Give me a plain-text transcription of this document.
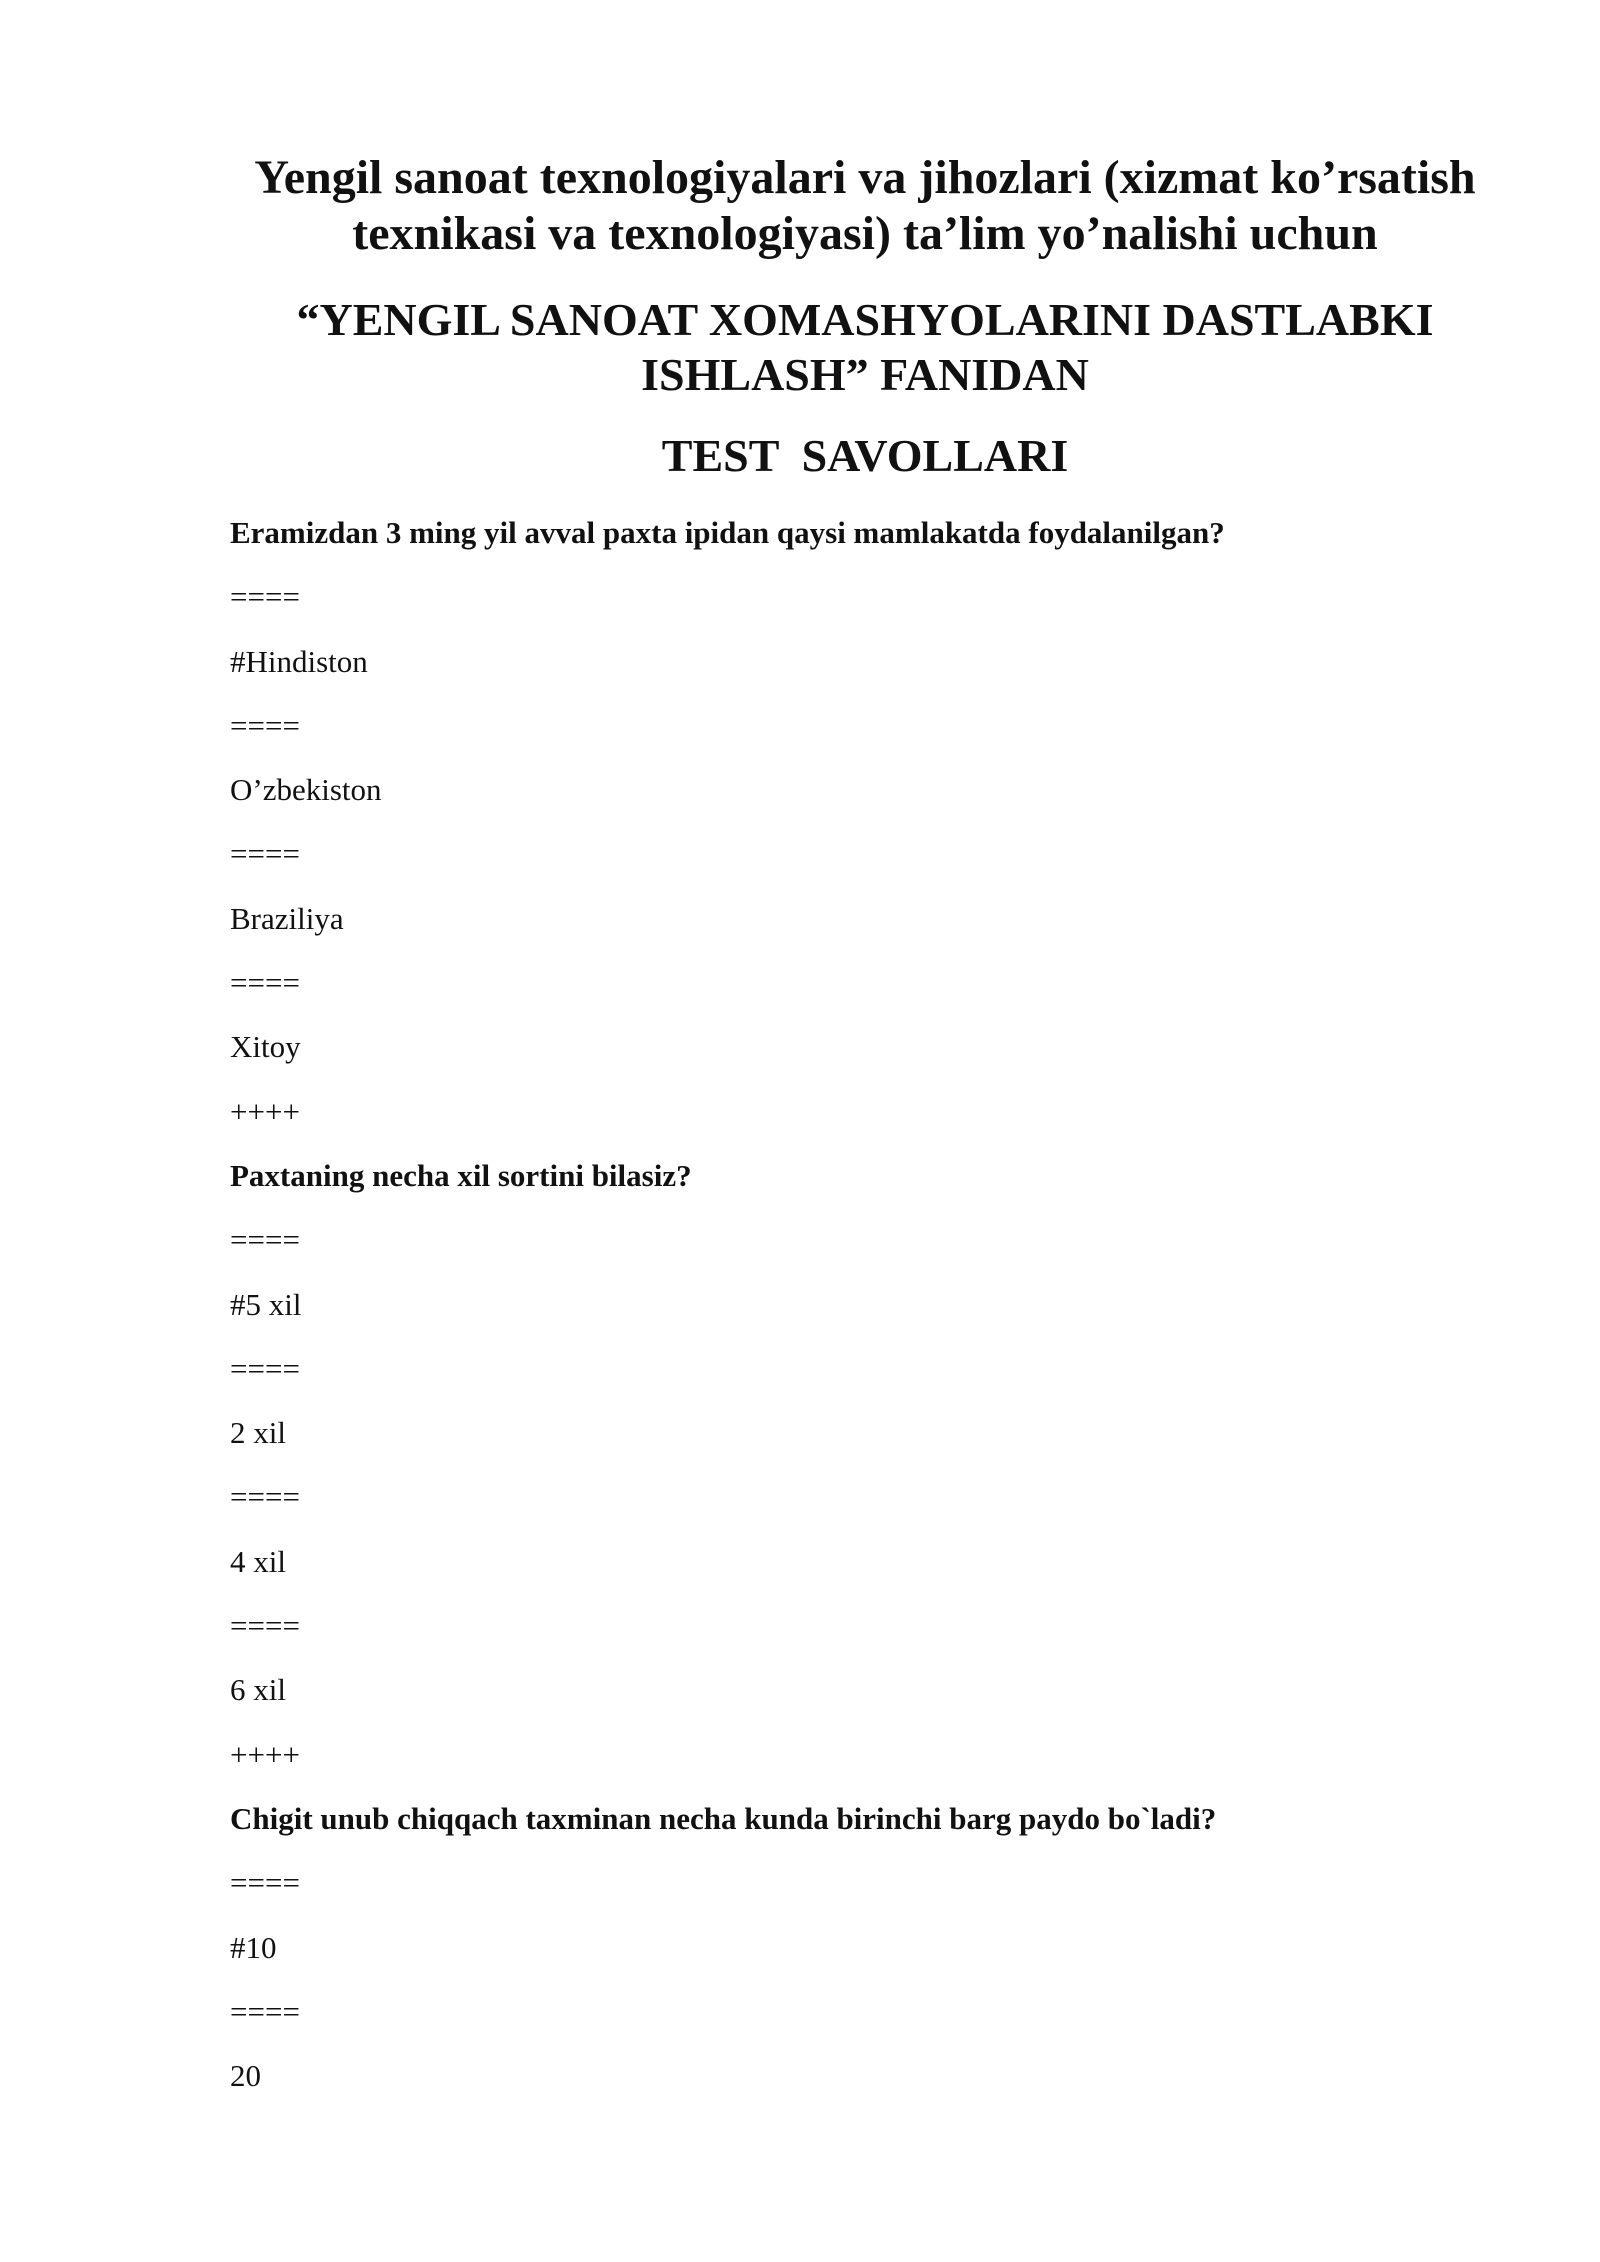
Yengil sanoat texnologiyalari va jihozlari (xizmat ko’rsatish
texnikasi va texnologiyasi) ta’lim yo’nalishi uchun
“YENGIL SANOAT XOMASHYOLARINI DASTLABKI
ISHLASH” FANIDAN
TEST  SAVOLLARI
Eramizdan 3 ming yil avval paxta ipidan qaysi mamlakatda foydalanilgan?
====
#Hindiston
====
O’zbekiston
====
Braziliya
====
Xitoy
++++
Paxtaning necha xil sortini bilasiz?
====
#5 xil
====
2 xil
====
4 xil
====
6 xil
++++
Chigit unub chiqqach taxminan necha kunda birinchi barg paydo bo`ladi?
====
#10
====
20
